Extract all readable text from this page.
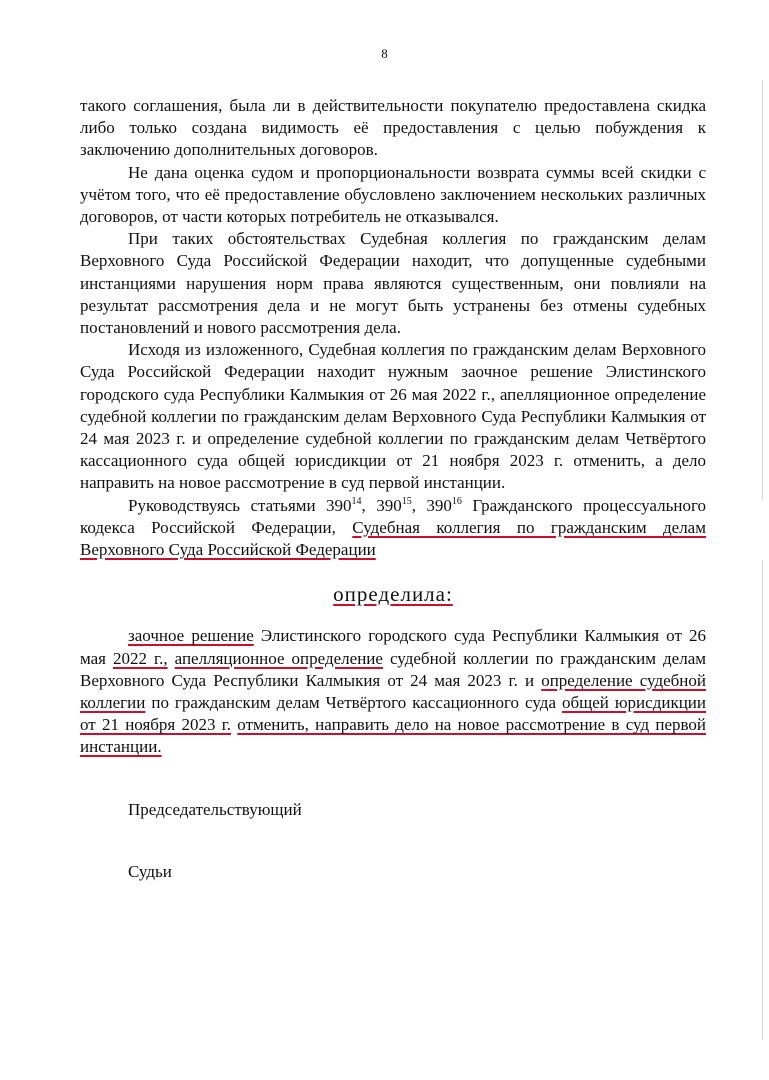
8

такого соглашения, была ли в действительности покупателю предоставлена скидка либо только создана видимость её предоставления с целью побуждения к заключению дополнительных договоров.

Не дана оценка судом и пропорциональности возврата суммы всей скидки с учётом того, что её предоставление обусловлено заключением нескольких различных договоров, от части которых потребитель не отказывался.

При таких обстоятельствах Судебная коллегия по гражданским делам Верховного Суда Российской Федерации находит, что допущенные судебными инстанциями нарушения норм права являются существенным, они повлияли на результат рассмотрения дела и не могут быть устранены без отмены судебных постановлений и нового рассмотрения дела.

Исходя из изложенного, Судебная коллегия по гражданским делам Верховного Суда Российской Федерации находит нужным заочное решение Элистинского городского суда Республики Калмыкия от 26 мая 2022 г., апелляционное определение судебной коллегии по гражданским делам Верховного Суда Республики Калмыкия от 24 мая 2023 г. и определение судебной коллегии по гражданским делам Четвёртого кассационного суда общей юрисдикции от 21 ноября 2023 г. отменить, а дело направить на новое рассмотрение в суд первой инстанции.

Руководствуясь статьями $390^{14}$, $390^{15}$, $390^{16}$ Гражданского процессуального кодекса Российской Федерации, Судебная коллегия по гражданским делам Верховного Суда Российской Федерации

определила:

заочное решение Элистинского городского суда Республики Калмыкия от 26 мая 2022 г., апелляционное определение судебной коллегии по гражданским делам Верховного Суда Республики Калмыкия от 24 мая 2023 г. и определение судебной коллегии по гражданским делам Четвёртого кассационного суда общей юрисдикции от 21 ноября 2023 г. отменить, направить дело на новое рассмотрение в суд первой инстанции.

Председательствующий
Судьи
